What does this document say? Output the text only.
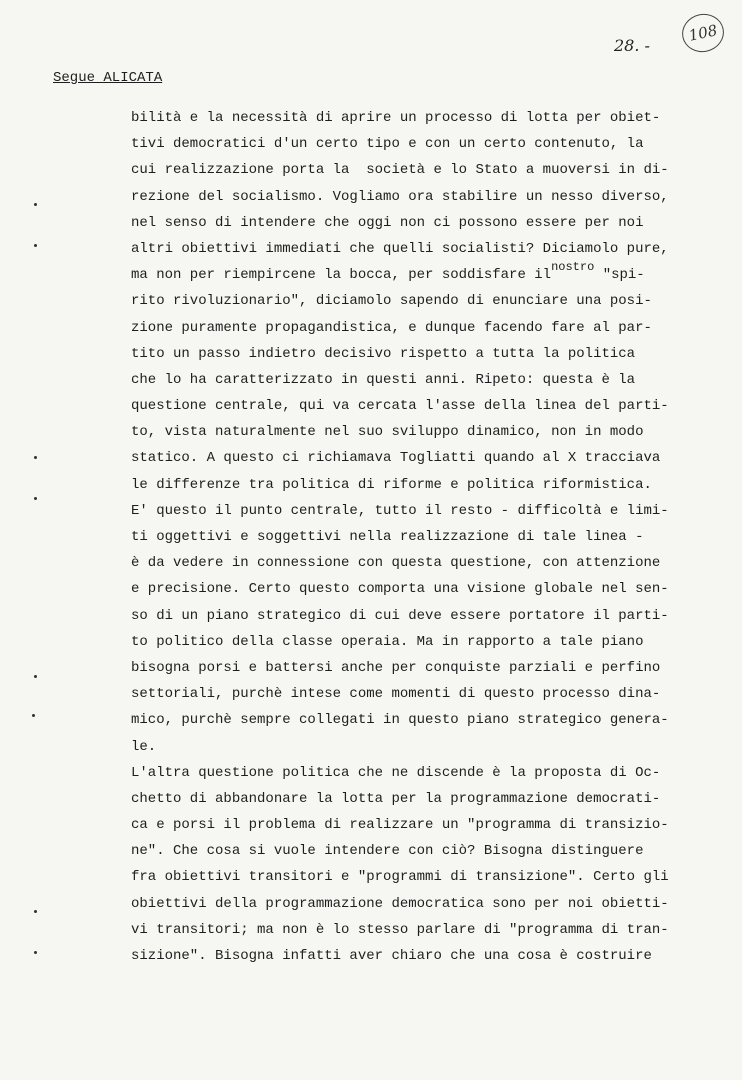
108
28. -
Segue ALICATA
bilità e la necessità di aprire un processo di lotta per obiet-
tivi democratici d'un certo tipo e con un certo contenuto, la
cui realizzazione porta la  società e lo Stato a muoversi in di-
rezione del socialismo. Vogliamo ora stabilire un nesso diverso,
nel senso di intendere che oggi non ci possono essere per noi
altri obiettivi immediati che quelli socialisti? Diciamolo pure,
ma non per riempircene la bocca, per soddisfare ilnostro "spi-
rito rivoluzionario", diciamolo sapendo di enunciare una posi-
zione puramente propagandistica, e dunque facendo fare al par-
tito un passo indietro decisivo rispetto a tutta la politica
che lo ha caratterizzato in questi anni. Ripeto: questa è la
questione centrale, qui va cercata l'asse della linea del parti-
to, vista naturalmente nel suo sviluppo dinamico, non in modo
statico. A questo ci richiamava Togliatti quando al X tracciava
le differenze tra politica di riforme e politica riformistica.
E' questo il punto centrale, tutto il resto - difficoltà e limi-
ti oggettivi e soggettivi nella realizzazione di tale linea -
è da vedere in connessione con questa questione, con attenzione
e precisione. Certo questo comporta una visione globale nel sen-
so di un piano strategico di cui deve essere portatore il parti-
to politico della classe operaia. Ma in rapporto a tale piano
bisogna porsi e battersi anche per conquiste parziali e perfino
settoriali, purchè intese come momenti di questo processo dina-
mico, purchè sempre collegati in questo piano strategico genera-
le.
L'altra questione politica che ne discende è la proposta di Oc-
chetto di abbandonare la lotta per la programmazione democrati-
ca e porsi il problema di realizzare un "programma di transizio-
ne". Che cosa si vuole intendere con ciò? Bisogna distinguere
fra obiettivi transitori e "programmi di transizione". Certo gli
obiettivi della programmazione democratica sono per noi obietti-
vi transitori; ma non è lo stesso parlare di "programma di tran-
sizione". Bisogna infatti aver chiaro che una cosa è costruire
